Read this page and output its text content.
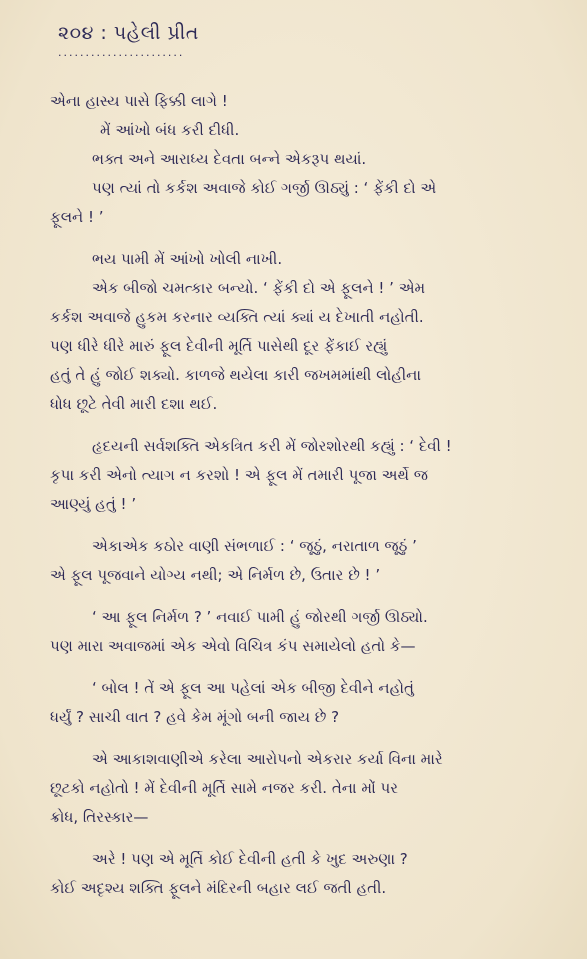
૨૦૪ : પહેલી પ્રીત
.......................
એના હાસ્ય પાસે ફિક્કી લાગે !
મેં આંખો બંધ કરી દીધી.
ભક્ત અને આરાધ્ય દેવતા બન્ને એકરૂપ થયાં.
પણ ત્યાં તો કર્કશ અવાજે કોઈ ગર્જી ઊઠ્યું : ‘ ફેંકી દો એ
ફૂલને ! ’
ભય પામી મેં આંખો ખોલી નાખી.
એક બીજો ચમત્કાર બન્યો. ‘ ફેંકી દો એ ફૂલને ! ’ એમ
કર્કશ અવાજે હુકમ કરનાર વ્યક્તિ ત્યાં ક્યાં ય દેખાતી નહોતી.
પણ ધીરે ધીરે મારું ફૂલ દેવીની મૂર્તિ પાસેથી દૂર ફેંકાઈ રહ્યું
હતું તે હું જોઈ શક્યો. કાળજે થયેલા કારી જખમમાંથી લોહીના
ધોધ છૂટે તેવી મારી દશા થઈ.
હૃદયની સર્વશક્તિ એકત્રિત કરી મેં જોરશોરથી કહ્યું : ‘ દેવી !
કૃપા કરી એનો ત્યાગ ન કરશો ! એ ફૂલ મેં તમારી પૂજા અર્થે જ
આણ્યું હતું ! ’
એકાએક કઠોર વાણી સંભળાઈ : ‘ જૂઠું, નરાતાળ જૂઠું ’
એ ફૂલ પૂજવાને યોગ્ય નથી; એ નિર્મળ છે, ઉતાર છે ! ’
‘ આ ફૂલ નિર્મળ ? ’ નવાઈ પામી હું જોરથી ગર્જી ઊઠ્યો.
પણ મારા અવાજમાં એક એવો વિચિત્ર કંપ સમાયેલો હતો કે—
‘ બોલ ! તેં એ ફૂલ આ પહેલાં એક બીજી દેવીને નહોતું
ધર્યું ? સાચી વાત ? હવે કેમ મૂંગો બની જાય છે ?
એ આકાશવાણીએ કરેલા આરોપનો એકરાર કર્યા વિના મારે
છૂટકો નહોતો ! મેં દેવીની મૂર્તિ સામે નજર કરી. તેના મોં પર
ક્રોધ, તિરસ્કાર—
અરે ! પણ એ મૂર્તિ કોઈ દેવીની હતી કે ખુદ અરુણા ?
કોઈ અદૃશ્ય શક્તિ ફૂલને મંદિરની બહાર લઈ જતી હતી.
